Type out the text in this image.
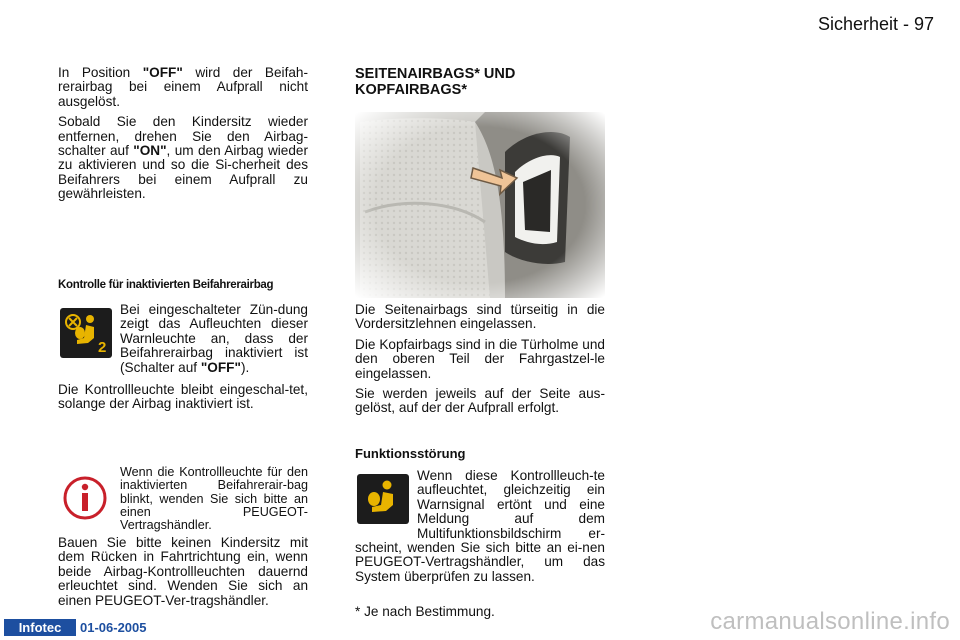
Sicherheit - 97

In Position "OFF" wird der Beifah-rerairbag bei einem Aufprall nicht ausgelöst.

Sobald Sie den Kindersitz wieder entfernen, drehen Sie den Airbag-schalter auf "ON", um den Airbag wieder zu aktivieren und so die Si-cherheit des Beifahrers bei einem Aufprall zu gewährleisten.

Kontrolle für inaktivierten Beifahrerairbag
2
Bei eingeschalteter Zün-dung zeigt das Aufleuchten dieser Warnleuchte an, dass der Beifahrerairbag inaktiviert ist (Schalter auf "OFF").
Die Kontrollleuchte bleibt eingeschal-tet, solange der Airbag inaktiviert ist.
Wenn die Kontrollleuchte für den inaktivierten Beifahrerair-bag blinkt, wenden Sie sich bitte an einen PEUGEOT-Vertragshändler.
Bauen Sie bitte keinen Kindersitz mit dem Rücken in Fahrtrichtung ein, wenn beide Airbag-Kontrollleuchten dauernd erleuchtet sind. Wenden Sie sich an einen PEUGEOT-Ver-tragshändler.
SEITENAIRBAGS* UND KOPFAIRBAGS*

Die Seitenairbags sind türseitig in die Vordersitzlehnen eingelassen.

Die Kopfairbags sind in die Türholme und den oberen Teil der Fahrgastzel-le eingelassen.

Sie werden jeweils auf der Seite aus-gelöst, auf der der Aufprall erfolgt.

Funktionsstörung
Wenn diese Kontrollleuch-te aufleuchtet, gleichzeitig ein Warnsignal ertönt und eine Meldung auf dem Multifunktionsbildschirm er-scheint, wenden Sie sich bitte an ei-nen PEUGEOT-Vertragshändler, um das System überprüfen zu lassen.
* Je nach Bestimmung.
Infotec	01-06-2005	carmanualsonline.info
